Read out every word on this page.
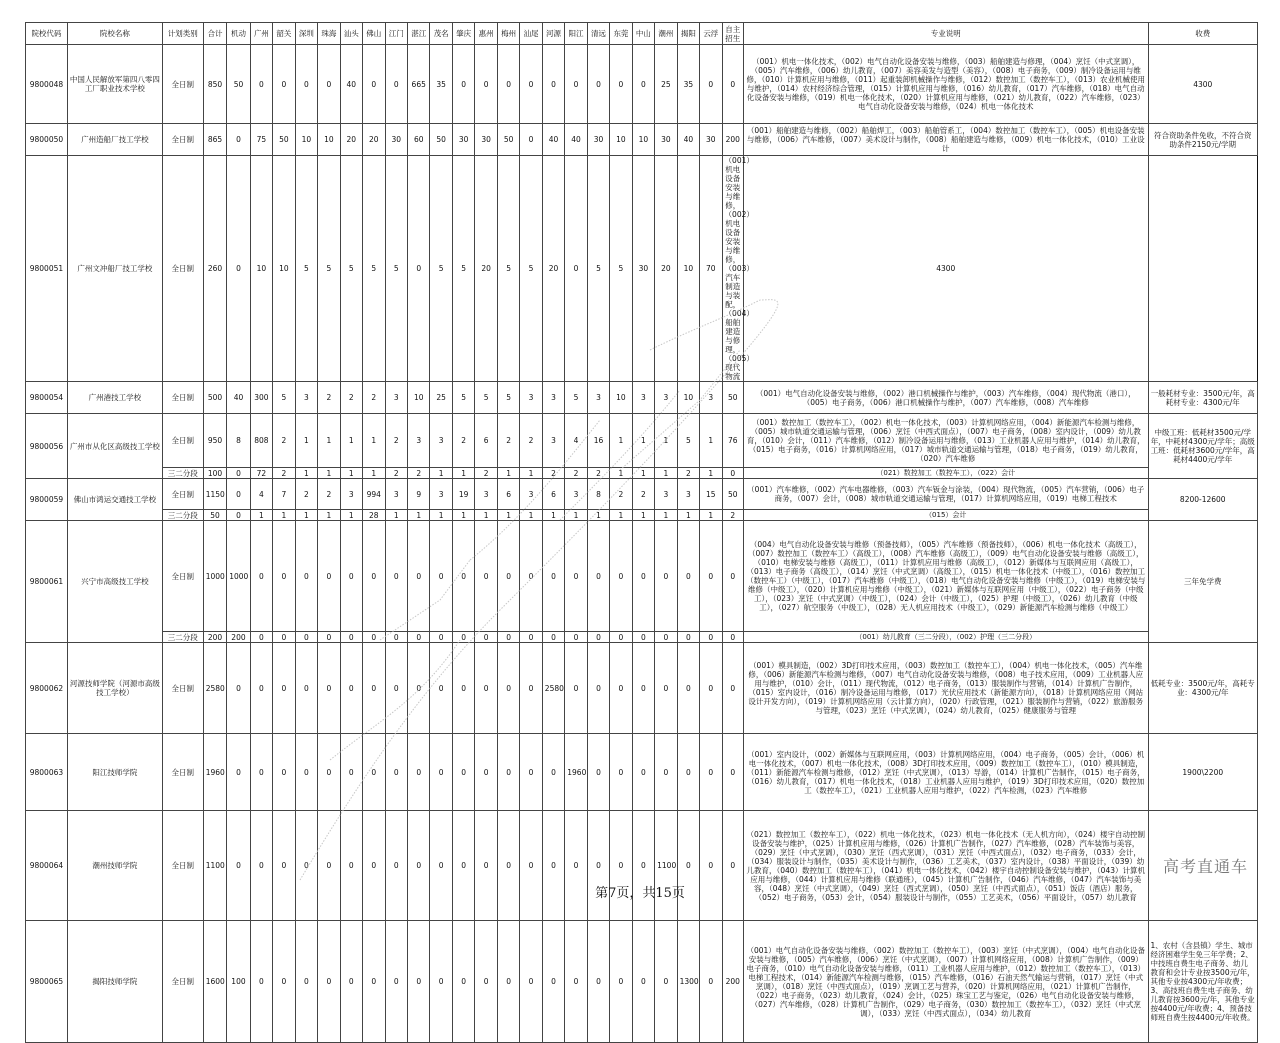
院校代码	院校名称	计划类别	合计	机动	广州	韶关	深圳	珠海	汕头	佛山	江门	湛江	茂名	肇庆	惠州	梅州	汕尾	河源	阳江	清远	东莞	中山	潮州	揭阳	云浮	自主招生	专业说明	收费
9800048	中国人民解放军第四八零四工厂职业技术学校	全日制	850	50	0	0	0	0	40	0	0	665	35	0	0	0	0	0	0	0	0	0	25	35	0	0	（001）机电一体化技术，（002）电气自动化设备安装与维修，（003）船舶建造与修理，（004）烹饪（中式烹调），（005）汽车维修，（006）幼儿教育，（007）美容美发与造型（美容），（008）电子商务，（009）制冷设备运用与维修，（010）计算机应用与维修，（011）起重装卸机械操作与维修，（012）数控加工（数控车工），（013）农业机械使用与维护，（014）农村经济综合管理，（015）计算机应用与维修，（016）幼儿教育，（017）汽车维修，（018）电气自动化设备安装与维修，（019）机电一体化技术，（020）计算机应用与维修，（021）幼儿教育，（022）汽车维修，（023）电气自动化设备安装与维修，（024）机电一体化技术	4300
9800050	广州造船厂技工学校	全日制	865	0	75	50	10	10	20	20	30	60	50	30	30	50	0	40	40	30	10	10	30	40	30	200	（001）船舶建造与维修，（002）船舶焊工，（003）船舶管系工，（004）数控加工（数控车工），（005）机电设备安装与维修，（006）汽车维修，（007）美术设计与制作，（008）船舶建造与维修，（009）机电一体化技术，（010）工业设计	符合资助条件免收，不符合资助条件2150元/学期
9800051	广州文冲船厂技工学校	全日制	260	0	10	10	5	5	5	5	5	0	5	5	20	5	5	20	0	5	5	30	20	10	70	（001）机电设备安装与维修，（002）机电设备安装与维修，（003）汽车制造与装配，（004）船舶建造与修理，（005）现代物流	4300	
9800054	广州港技工学校	全日制	500	40	300	5	3	2	2	2	3	10	25	5	5	5	3	3	5	3	10	3	3	10	3	50	（001）电气自动化设备安装与维修，（002）港口机械操作与维护，（003）汽车维修，（004）现代物流（港口），（005）电子商务，（006）港口机械操作与维护，（007）汽车维修，（008）汽车维修	一般耗材专业：3500元/年，高耗材专业：4300元/年
9800056	广州市从化区高级技工学校	全日制	950	8	808	2	1	1	1	1	2	3	3	2	6	2	2	3	4	16	1	1	1	5	1	76	（001）数控加工（数控车工），（002）机电一体化技术，（003）计算机网络应用，（004）新能源汽车检测与维修，（005）城市轨道交通运输与管理，（006）烹饪（中西式面点），（007）电子商务，（008）室内设计，（009）幼儿教育，（010）会计，（011）汽车维修，（012）制冷设备运用与维修，（013）工业机器人应用与维护，（014）幼儿教育，（015）电子商务，（016）计算机网络应用，（017）城市轨道交通运输与管理，（018）电子商务，（019）幼儿教育，（020）汽车维修	中级工班：低耗材3500元/学年，中耗材4300元/学年；高级工班：低耗材3600元/学年，高耗材4400元/学年
		三二分段	100	0	72	2	1	1	1	1	2	2	1	1	2	1	1	2	2	2	1	1	1	2	1	0	（021）数控加工（数控车工），（022）会计	
9800059	佛山市鸿运交通技工学校	全日制	1150	0	4	7	2	2	3	994	3	9	3	19	3	6	3	6	3	8	2	2	3	3	15	50	（001）汽车维修，（002）汽车电器维修，（003）汽车钣金与涂装，（004）现代物流，（005）汽车营销，（006）电子商务，（007）会计，（008）城市轨道交通运输与管理，（017）计算机网络应用，（019）电梯工程技术	8200-12600
		三二分段	50	0	1	1	1	1	1	28	1	1	1	1	1	1	1	1	1	1	1	1	1	1	1	2	（015）会计	
9800061	兴宁市高级技工学校	全日制	1000	1000	0	0	0	0	0	0	0	0	0	0	0	0	0	0	0	0	0	0	0	0	0	0	（004）电气自动化设备安装与维修（预备技师），（005）汽车维修（预备技师），（006）机电一体化技术（高级工），（007）数控加工（数控车工）（高级工），（008）汽车维修（高级工），（009）电气自动化设备安装与维修（高级工），（010）电梯安装与维修（高级工），（011）计算机应用与维修（高级工），（012）新媒体与互联网应用（高级工），（013）电子商务（高级工），（014）烹饪（中式烹调）（高级工），（015）机电一体化技术（中级工），（016）数控加工（数控车工）（中级工），（017）汽车维修（中级工），（018）电气自动化设备安装与维修（中级工），（019）电梯安装与维修（中级工），（020）计算机应用与维修（中级工），（021）新媒体与互联网应用（中级工），（022）电子商务（中级工），（023）烹饪（中式烹调）（中级工），（024）会计（中级工），（025）护理（中级工），（026）幼儿教育（中级工），（027）航空服务（中级工），（028）无人机应用技术（中级工），（029）新能源汽车检测与维修（中级工）	三年免学费
		三二分段	200	200	0	0	0	0	0	0	0	0	0	0	0	0	0	0	0	0	0	0	0	0	0	0	（001）幼儿教育（三二分段），（002）护理（三二分段）	
9800062	河源技师学院（河源市高级技工学校）	全日制	2580	0	0	0	0	0	0	0	0	0	0	0	0	0	0	2580	0	0	0	0	0	0	0	0	（001）模具制造，（002）3D打印技术应用，（003）数控加工（数控车工），（004）机电一体化技术，（005）汽车维修，（006）新能源汽车检测与维修，（007）电气自动化设备安装与维修，（008）电子技术应用，（009）工业机器人应用与维护，（010）会计，（011）现代物流，（012）电子商务，（013）服装制作与营销，（014）计算机广告制作，（015）室内设计，（016）制冷设备运用与维修，（017）光伏应用技术（新能源方向），（018）计算机网络应用（网站设计开发方向），（019）计算机网络应用（云计算方向），（020）行政管理，（021）服装制作与营销，（022）旅游服务与管理，（023）烹饪（中式烹调），（024）幼儿教育，（025）健康服务与管理	低耗专业：3500元/年，高耗专业：4300元/年
9800063	阳江技师学院	全日制	1960	0	0	0	0	0	0	0	0	0	0	0	0	0	0	0	1960	0	0	0	0	0	0	0	（001）室内设计，（002）新媒体与互联网应用，（003）计算机网络应用，（004）电子商务，（005）会计，（006）机电一体化技术，（007）机电一体化技术，（008）3D打印技术应用，（009）数控加工（数控车工），（010）模具制造，（011）新能源汽车检测与维修，（012）烹饪（中式烹调），（013）导游，（014）计算机广告制作，（015）电子商务，（016）幼儿教育，（017）机电一体化技术，（018）工业机器人应用与维护，（019）3D打印技术应用，（020）数控加工（数控车工），（021）工业机器人应用与维护，（022）汽车检测，（023）汽车维修	1900\2200
9800064	潮州技师学院	全日制	1100	0	0	0	0	0	0	0	0	0	0	0	0	0	0	0	0	0	0	0	1100	0	0	0	（021）数控加工（数控车工），（022）机电一体化技术，（023）机电一体化技术（无人机方向），（024）楼宇自动控制设备安装与维护，（025）计算机应用与维修，（026）计算机广告制作，（027）汽车维修，（028）汽车装饰与美容，（029）烹饪（中式烹调），（030）烹饪（西式烹调），（031）烹饪（中西式面点），（032）电子商务，（033）会计，（034）服装设计与制作，（035）美术设计与制作，（036）工艺美术，（037）室内设计，（038）平面设计，（039）幼儿教育，（040）数控加工（数控车工），（041）机电一体化技术，（042）楼宇自动控制设备安装与维护，（043）计算机应用与维修，（044）计算机应用与维修（联通班），（045）计算机广告制作，（046）汽车维修，（047）汽车装饰与美容，（048）烹饪（中式烹调），（049）烹饪（西式烹调），（050）烹饪（中西式面点），（051）饭店（酒店）服务，（052）电子商务，（053）会计，（054）服装设计与制作，（055）工艺美术，（056）平面设计，（057）幼儿教育	
9800065	揭阳技师学院	全日制	1600	100	0	0	0	0	0	0	0	0	0	0	0	0	0	0	0	0	0	0	0	1300	0	200	（001）电气自动化设备安装与维修，（002）数控加工（数控车工），（003）烹饪（中式烹调），（004）电气自动化设备安装与维修，（005）汽车维修，（006）烹饪（中式烹调），（007）计算机网络应用，（008）计算机广告制作，（009）电子商务，（010）电气自动化设备安装与维修，（011）工业机器人应用与维护，（012）数控加工（数控车工），（013）电梯工程技术，（014）新能源汽车检测与维修，（015）汽车维修，（016）石油天然气输运与营销，（017）烹饪（中式烹调），（018）烹饪（中西式面点），（019）烹调工艺与营养，（020）计算机网络应用，（021）计算机广告制作，（022）电子商务，（023）幼儿教育，（024）会计，（025）珠宝工艺与鉴定，（026）电气自动化设备安装与维修，（027）汽车维修，（028）计算机广告制作，（029）电子商务，（030）数控加工（数控车工），（032）烹饪（中式烹调），（033）烹饪（中西式面点），（034）幼儿教育	1、农村（含县镇）学生、城市经济困难学生免三年学费；2、中技班自费生电子商务、幼儿教育和会计专业按3500元/年，其他专业按4300元/年收费；3、高技班自费生电子商务、幼儿教育按3600元/年，其他专业按4400元/年收费；4、预备技师班自费生按4400元/年收费。
高考直通车
第7页，共15页
